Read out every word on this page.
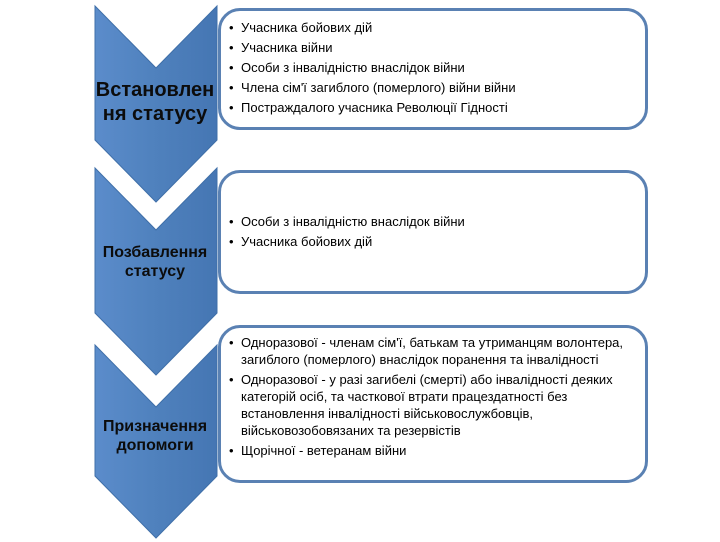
• Учасника бойових дій
• Учасника війни
• Особи з інвалідністю внаслідок війни
• Члена сім'ї загиблого (померлого) війни війни
• Постраждалого учасника Революції Гідності
Встановлен
ня статусу
• Особи з інвалідністю внаслідок війни
• Учасника бойових дій
Позбавлення
статусу
• Одноразової - членам сім'ї, батькам та утриманцям волонтера, загиблого (померлого) внаслідок поранення та інвалідності
• Одноразової - у разі загибелі (смерті) або інвалідності деяких категорій осіб, та часткової втрати працездатності без встановлення інвалідності військовослужбовців, військовозобовязаних та резервістів
• Щорічної - ветеранам війни
Призначення
допомоги
